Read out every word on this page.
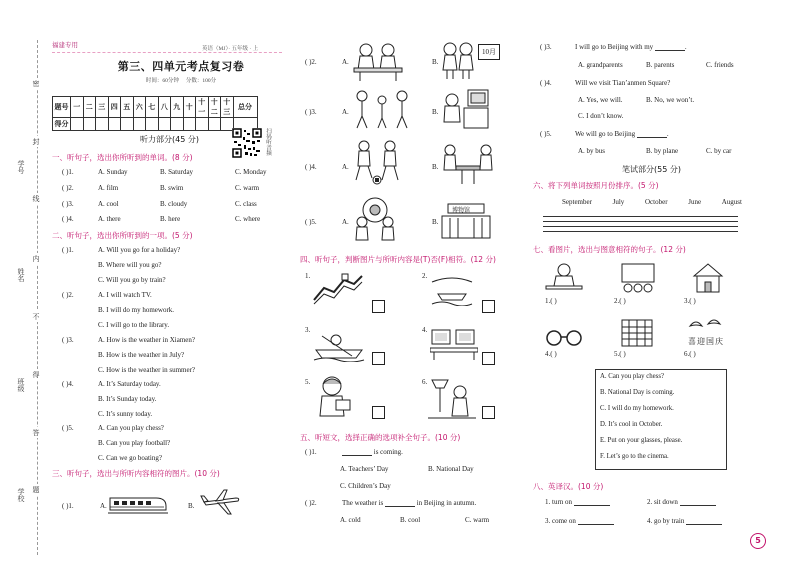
密
封
线
内
不
得
答
题
学号
姓名
班级
学校
福建专用	英语（MJ）· 五年级 · 上
第三、四单元考点复习卷
时间：60分钟 分数：100分
题号	一	二	三	四	五	六	七	八	九	十	十一	十二	十三	总分
得分														
听力部分(45 分)	扫码听音频
一、听句子，选出你所听到的单词。(8 分)
( )1.	A. Sunday	B. Saturday	C. Monday
( )2.	A. film	B. swim	C. warm
( )3.	A. cool	B. cloudy	C. class
( )4.	A. there	B. here	C. where
二、听句子，选出你所听到的一项。(5 分)
( )1.	A. Will you go for a holiday?
B. Where will you go?
C. Will you go by train?
( )2.	A. I will watch TV.
B. I will do my homework.
C. I will go to the library.
( )3.	A. How is the weather in Xiamen?
B. How is the weather in July?
C. How is the weather in summer?
( )4.	A. It’s Saturday today.
B. It’s Sunday today.
C. It’s sunny today.
( )5.	A. Can you play chess?
B. Can you play football?
C. Can we go boating?
三、听句子，选出与所听内容相符的图片。(10 分)
( )1.	A.	B.
( )2.	A.	B.
10月
( )3.	A.	B.
( )4.	A.	B.
( )5.	A.	B.
博物馆
四、听句子，判断图片与所听内容是(T)否(F)相符。(12 分)
1.	2.
3.	4.
5.	6.
五、听短文，选择正确的选项补全句子。(10 分)
( )1.	is coming.
A. Teachers’ Day	B. National Day
C. Children’s Day
( )2.	The weather is	in Beijing in autumn.
A. cold	B. cool	C. warm
( )3.	I will go to Beijing with my	.
A. grandparents	B. parents	C. friends
( )4.	Will we visit Tian’anmen Square?
A. Yes, we will.	B. No, we won’t.
C. I don’t know.
( )5.	We will go to Beijing	.
A. by bus	B. by plane	C. by car
笔试部分(55 分)
六、将下列单词按照月份排序。(5 分)
September	July	October	June	August
七、看图片，选出与图意相符的句子。(12 分)
1.( )	2.( )	3.( )
4.( )	5.( )
喜迎国庆
6.( )
A. Can you play chess?
B. National Day is coming.
C. I will do my homework.
D. It’s cool in October.
E. Put on your glasses, please.
F. Let’s go to the cinema.
八、英译汉。(10 分)
1. turn on	2. sit down
3. come on	4. go by train
5
